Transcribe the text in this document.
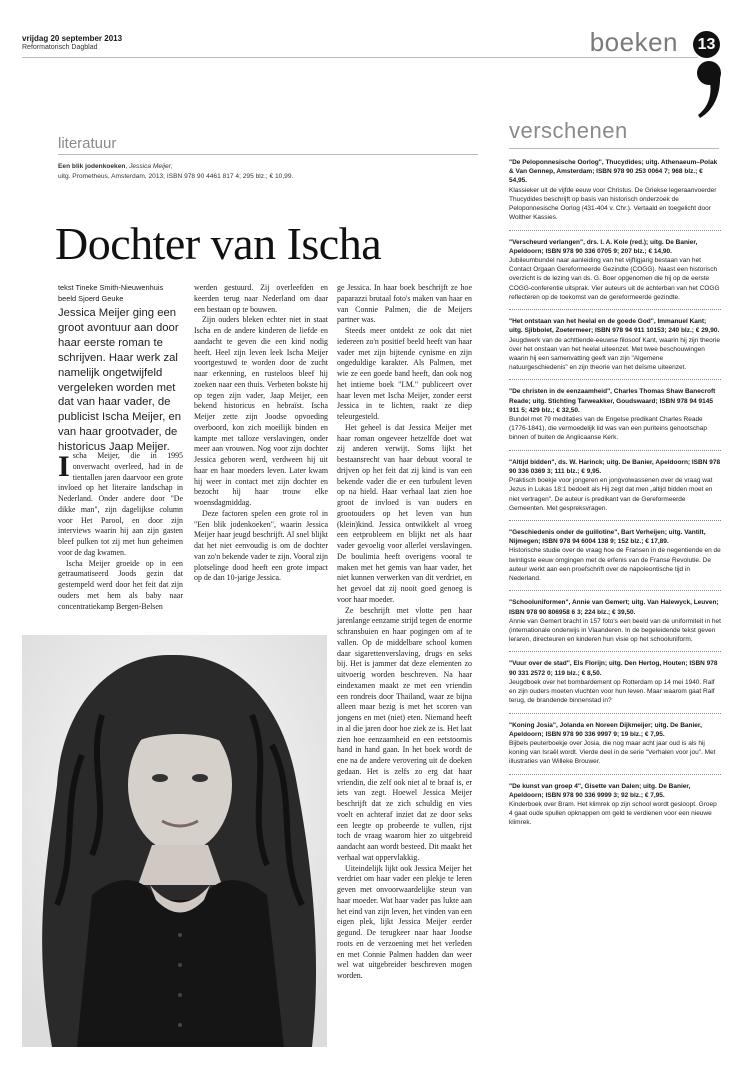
vrijdag 20 september 2013
Reformatorisch Dagblad	boeken 13
literatuur
Een blik jodenkoeken, Jessica Meijer;
uitg. Prometheus, Amsterdam, 2013; ISBN 978 90 4461 817 4; 295 blz.; € 10,99.
Dochter van Ischa
tekst Tineke Smith-Nieuwenhuis
beeld Sjoerd Geuke
Jessica Meijer ging een groot avontuur aan door haar eerste roman te schrijven. Haar werk zal namelijk ongetwijfeld vergeleken worden met dat van haar vader, de publicist Ischa Meijer, en van haar grootvader, de historicus Jaap Meijer.

Ischa Meijer, die in 1995 onverwacht overleed, had in de tientallen jaren daarvoor een grote invloed op het literaire landschap in Nederland. Onder andere door "De dikke man", zijn dagelijkse column voor Het Parool, en door zijn interviews waarin hij aan zijn gasten bleef pulken tot zij met hun geheimen voor de dag kwamen.

Ischa Meijer groeide op in een getraumatiseerd Joods gezin dat gestempeld werd door het feit dat zijn ouders met hem als baby naar concentratiekamp Bergen-Belsen

werden gestuurd. Zij overleefden en keerden terug naar Nederland om daar een bestaan op te bouwen.

Zijn ouders bleken echter niet in staat Ischa en de andere kinderen de liefde en aandacht te geven die een kind nodig heeft. Heel zijn leven leek Ischa Meijer voortgestuwd te worden door de zucht naar erkenning, en rusteloos bleef hij zoeken naar een thuis. Verbeten bokste hij op tegen zijn vader, Jaap Meijer, een bekend historicus en hebraïst. Ischa Meijer zette zijn Joodse opvoeding overboord, kon zich moeilijk binden en kampte met talloze verslavingen, onder meer aan vrouwen. Nog voor zijn dochter Jessica geboren werd, verdween hij uit haar en haar moeders leven. Later kwam hij weer in contact met zijn dochter en bezocht hij haar trouw elke woensdagmiddag.

Deze factoren spelen een grote rol in "Een blik jodenkoeken", waarin Jessica Meijer haar jeugd beschrijft. Al snel blijkt dat het niet eenvoudig is om de dochter van zo'n bekende vader te zijn. Vooral zijn plotselinge dood heeft een grote impact op de dan 10-jarige Jessica.

ge Jessica. In haar boek beschrijft ze hoe paparazzi brutaal foto's maken van haar en van Connie Palmen, die de Meijers partner was.

Steeds meer ontdekt ze ook dat niet iedereen zo'n positief beeld heeft van haar vader met zijn bijtende cynisme en zijn ongeduldige karakter. Als Palmen, met wie ze een goede band heeft, dan ook nog het intieme boek "I.M." publiceert over haar leven met Ischa Meijer, zonder eerst Jessica in te lichten, raakt ze diep teleurgesteld.

Het geheel is dat Jessica Meijer met haar roman ongeveer hetzelfde doet wat zij anderen verwijt. Soms lijkt het bestaansrecht van haar debuut vooral te drijven op het feit dat zij kind is van een bekende vader die er een turbulent leven op na hield. Haar verhaal laat zien hoe groot de invloed is van ouders en grootouders op het leven van hun (klein)kind. Jessica ontwikkelt al vroeg een eetprobleem en blijkt net als haar vader gevoelig voor allerlei verslavingen. De boulimia heeft overigens vooral te maken met het gemis van haar vader, het niet kunnen verwerken van dit verdriet, en het gevoel dat zij nooit goed genoeg is voor haar moeder.

Ze beschrijft met vlotte pen haar jarenlange eenzame strijd tegen de enorme schransbuien en haar pogingen om af te vallen. Op de middelbare school komen daar sigarettenverslaving, drugs en seks bij. Het is jammer dat deze elementen zo uitvoerig worden beschreven. Na haar eindexamen maakt ze met een vriendin een rondreis door Thailand, waar ze bijna alleen maar bezig is met het scoren van jongens en met (niet) eten. Niemand heeft in al die jaren door hoe ziek ze is. Het laat zien hoe eenzaamheid en een eetstoornis hand in hand gaan. In het boek wordt de ene na de andere verovering uit de doeken gedaan. Het is zelfs zo erg dat haar vriendin, die zelf ook niet al te braaf is, er iets van zegt. Hoewel Jessica Meijer beschrijft dat ze zich schuldig en vies voelt en achteraf inziet dat ze door seks een leegte op probeerde te vullen, rijst toch de vraag waarom hier zo uitgebreid aandacht aan wordt besteed. Dit maakt het verhaal wat oppervlakkig.

Uiteindelijk lijkt ook Jessica Meijer het verdriet om haar vader een plekje te leren geven met onvoorwaardelijke steun van haar moeder. Wat haar vader pas lukte aan het eind van zijn leven, het vinden van een eigen plek, lijkt Jessica Meijer eerder gegund. De terugkeer naar haar Joodse roots en de verzoening met het verleden en met Connie Palmen hadden dan weer wel wat uitgebreider beschreven mogen worden.

verschenen
"De Peloponnesische Oorlog", Thucydides; uitg. Athenaeum–Polak & Van Gennep, Amsterdam; ISBN 978 90 253 0064 7; 968 blz.; € 54,95.
Klassieker uit de vijfde eeuw voor Christus. De Griekse legeraanvoerder Thucydides beschrijft op basis van historisch onderzoek de Peloponnesische Oorlog (431-404 v. Chr.). Vertaald en toegelicht door Wolther Kassies.
"Verscheurd verlangen", drs. I. A. Kole (red.); uitg. De Banier, Apeldoorn; ISBN 978 90 336 0705 9; 207 blz.; € 14,90.
Jubileumbundel naar aanleiding van het vijftigjarig bestaan van het Contact Orgaan Gereformeerde Gezindte (COGG). Naast een historisch overzicht is de lezing van ds. G. Boer opgenomen die hij op de eerste COGG-conferentie uitsprak. Vier auteurs uit de achterban van het COGG reflecteren op de toekomst van de gereformeerde gezindte.
"Het ontstaan van het heelal en de goede God", Immanuel Kant; uitg. Sjibbolet, Zoetermeer; ISBN 978 94 911 10153; 240 blz.; € 29,90.
Jeugdwerk van de achttiende-eeuwse filosoof Kant, waarin hij zijn theorie over het onstaan van het heelal uiteenzet. Met twee beschouwingen waarin hij een samenvatting geeft van zijn "Algemene natuurgeschiedenis" en zijn theorie van het deïsme uiteenzet.
"De christen in de eenzaamheid", Charles Thomas Shaw Banecroft Reade; uitg. Stichting Tarweakker, Goudswaard; ISBN 978 94 9145 911 5; 429 blz.; € 32,50.
Bundel met 79 meditaties van de Engelse predikant Charles Reade (1776-1841), die vermoedelijk lid was van een puriteins genootschap binnen of buiten de Anglicaanse Kerk.
"Altijd bidden", ds. W. Harinck; uitg. De Banier, Apeldoorn; ISBN 978 90 336 0369 3; 111 blz.; € 9,95.
Praktisch boekje voor jongeren en jongvolwassenen over de vraag wat Jezus in Lukas 18:1 bedoelt als Hij zegt dat men „altijd bidden moet en niet vertragen". De auteur is predikant van de Gereformeerde Gemeenten. Met gespreksvragen.
"Geschiedenis onder de guillotine", Bart Verheijen; uitg. Vantilt, Nijmegen; ISBN 978 94 6004 138 9; 152 blz.; € 17,89.
Historische studie over de vraag hoe de Fransen in de negentiende en de twintigste eeuw omgingen met de erfenis van de Franse Revolutie. De auteur werkt aan een proefschrift over de napoleontische tijd in Nederland.
"Schooluniformen", Annie van Gemert; uitg. Van Halewyck, Leuven; ISBN 978 90 806958 6 3; 224 blz.; € 39,50.
Annie van Gemert bracht in 157 foto's een beeld van de uniformiteit in het (internationale onderwijs in Vlaanderen. In de begeleidende tekst geven leraren, directeuren en kinderen hun visie op het schooluniform.
"Vuur over de stad", Els Florijn; uitg. Den Hertog, Houten; ISBN 978 90 331 2572 0; 119 blz.; € 8,50.
Jeugdboek over het bombardement op Rotterdam op 14 mei 1940. Ralf en zijn ouders moeten vluchten voor hun leven. Maar waarom gaat Ralf terug, de brandende binnenstad in?
"Koning Josia", Jolanda en Noreen Dijkmeijer; uitg. De Banier, Apeldoorn; ISBN 978 90 336 9997 9; 19 blz.; € 7,95.
Bijbels peuterboekje over Josia, die nog maar acht jaar oud is als hij koning van Israël wordt. Vierde deel in de serie "Verhalen voor jou". Met illustraties van Willeke Brouwer.
"De kunst van groep 4", Gisette van Dalen; uitg. De Banier, Apeldoorn; ISBN 978 90 336 9999 3; 92 blz.; € 7,95.
Kinderboek over Bram. Het klimrek op zijn school wordt gesloopt. Groep 4 gaat oude spullen opknappen om geld te verdienen voor een nieuwe klimrek.
